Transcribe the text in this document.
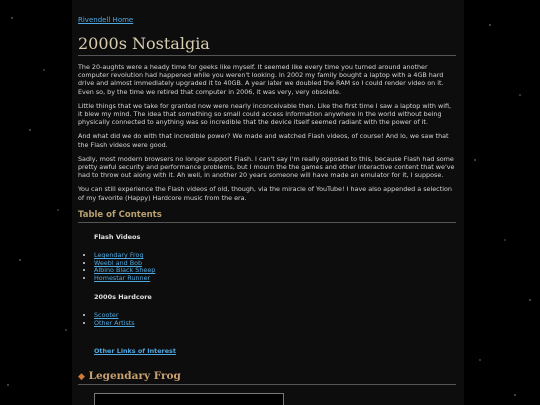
Rivendell Home
2000s Nostalgia

The 20-aughts were a heady time for geeks like myself. It seemed like every time you turned around another computer revolution had happened while you weren't looking. In 2002 my family bought a laptop with a 4GB hard drive and almost immediately upgraded it to 40GB. A year later we doubled the RAM so I could render video on it. Even so, by the time we retired that computer in 2006, it was very, very obsolete.

Little things that we take for granted now were nearly inconceivable then. Like the first time I saw a laptop with wifi, it blew my mind. The idea that something so small could access information anywhere in the world without being physically connected to anything was so incredible that the device itself seemed radiant with the power of it.

And what did we do with that incredible power? We made and watched Flash videos, of course! And lo, we saw that the Flash videos were good.

Sadly, most modern browsers no longer support Flash. I can't say I'm really opposed to this, because Flash had some pretty awful security and performance problems, but I mourn the the games and other interactive content that we've had to throw out along with it. Ah well, in another 20 years someone will have made an emulator for it, I suppose.

You can still experience the Flash videos of old, though, via the miracle of YouTube! I have also appended a selection of my favorite (Happy) Hardcore music from the era.

Table of Contents
Flash Videos
• Legendary Frog
• Weebl and Bob
• Albino Black Sheep
• Homestar Runner
2000s Hardcore
• Scooter
• Other Artists
Other Links of Interest
◆ Legendary Frog
